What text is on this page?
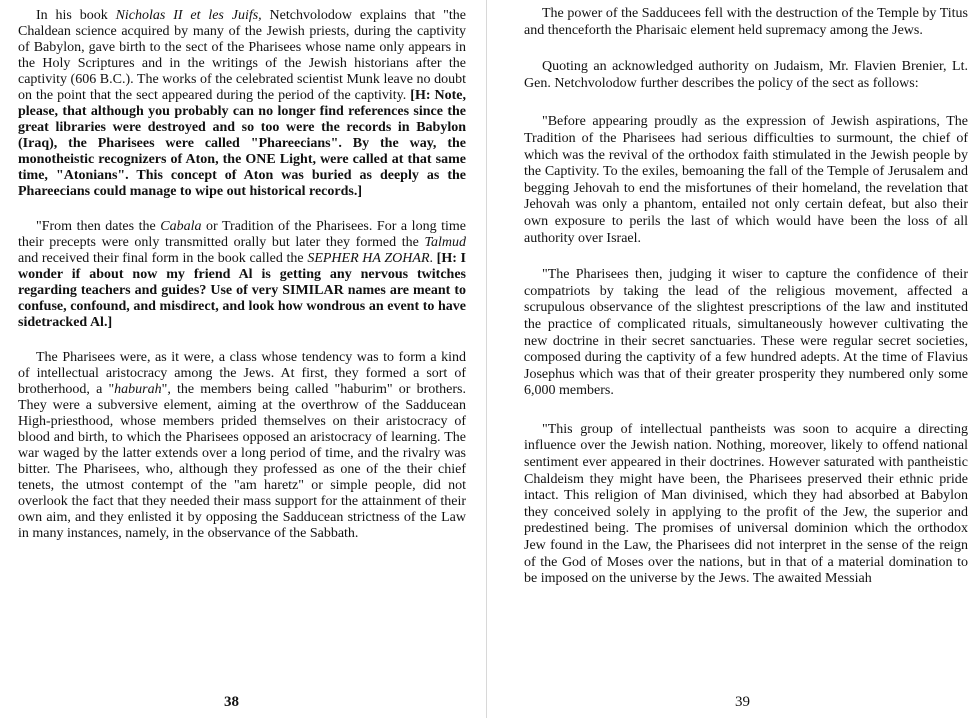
In his book Nicholas II et les Juifs, Netchvolodow explains that "the Chaldean science acquired by many of the Jewish priests, during the captivity of Babylon, gave birth to the sect of the Pharisees whose name only appears in the Holy Scriptures and in the writings of the Jewish historians after the captivity (606 B.C.). The works of the celebrated scientist Munk leave no doubt on the point that the sect appeared during the period of the captivity. [H: Note, please, that although you probably can no longer find references since the great libraries were destroyed and so too were the records in Babylon (Iraq), the Pharisees were called "Phareecians". By the way, the monotheistic recognizers of Aton, the ONE Light, were called at that same time, "Atonians". This concept of Aton was buried as deeply as the Phareecians could manage to wipe out historical records.]

"From then dates the Cabala or Tradition of the Pharisees. For a long time their precepts were only transmitted orally but later they formed the Talmud and received their final form in the book called the SEPHER HA ZOHAR. [H: I wonder if about now my friend Al is getting any nervous twitches regarding teachers and guides? Use of very SIMILAR names are meant to confuse, confound, and misdirect, and look how wondrous an event to have sidetracked Al.]

The Pharisees were, as it were, a class whose tendency was to form a kind of intellectual aristocracy among the Jews. At first, they formed a sort of brotherhood, a "haburah", the members being called "haburim" or brothers. They were a subversive element, aiming at the overthrow of the Sadducean High-priesthood, whose members prided themselves on their aristocracy of blood and birth, to which the Pharisees opposed an aristocracy of learning. The war waged by the latter extends over a long period of time, and the rivalry was bitter. The Pharisees, who, although they professed as one of the their chief tenets, the utmost contempt of the "am haretz" or simple people, did not overlook the fact that they needed their mass support for the attainment of their own aim, and they enlisted it by opposing the Sadducean strictness of the Law in many instances, namely, in the observance of the Sabbath.

38

The power of the Sadducees fell with the destruction of the Temple by Titus and thenceforth the Pharisaic element held supremacy among the Jews.

Quoting an acknowledged authority on Judaism, Mr. Flavien Brenier, Lt. Gen. Netchvolodow further describes the policy of the sect as follows:

"Before appearing proudly as the expression of Jewish aspirations, The Tradition of the Pharisees had serious difficulties to surmount, the chief of which was the revival of the orthodox faith stimulated in the Jewish people by the Captivity. To the exiles, bemoaning the fall of the Temple of Jerusalem and begging Jehovah to end the misfortunes of their homeland, the revelation that Jehovah was only a phantom, entailed not only certain defeat, but also their own exposure to perils the last of which would have been the loss of all authority over Israel.

"The Pharisees then, judging it wiser to capture the confidence of their compatriots by taking the lead of the religious movement, affected a scrupulous observance of the slightest prescriptions of the law and instituted the practice of complicated rituals, simultaneously however cultivating the new doctrine in their secret sanctuaries. These were regular secret societies, composed during the captivity of a few hundred adepts. At the time of Flavius Josephus which was that of their greater prosperity they numbered only some 6,000 members.

"This group of intellectual pantheists was soon to acquire a directing influence over the Jewish nation. Nothing, moreover, likely to offend national sentiment ever appeared in their doctrines. However saturated with pantheistic Chaldeism they might have been, the Pharisees preserved their ethnic pride intact. This religion of Man divinised, which they had absorbed at Babylon they conceived solely in applying to the profit of the Jew, the superior and predestined being. The promises of universal dominion which the orthodox Jew found in the Law, the Pharisees did not interpret in the sense of the reign of the God of Moses over the nations, but in that of a material domination to be imposed on the universe by the Jews. The awaited Messiah

39
